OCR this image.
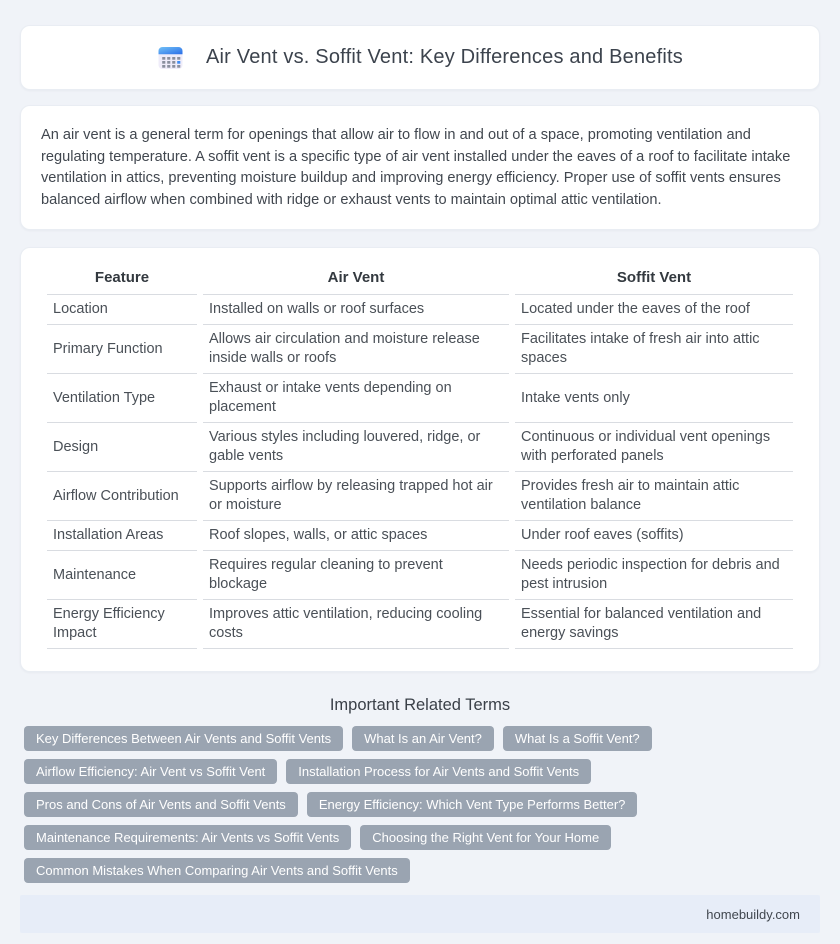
Air Vent vs. Soffit Vent: Key Differences and Benefits

An air vent is a general term for openings that allow air to flow in and out of a space, promoting ventilation and regulating temperature. A soffit vent is a specific type of air vent installed under the eaves of a roof to facilitate intake ventilation in attics, preventing moisture buildup and improving energy efficiency. Proper use of soffit vents ensures balanced airflow when combined with ridge or exhaust vents to maintain optimal attic ventilation.

Feature	Air Vent	Soffit Vent
Location	Installed on walls or roof surfaces	Located under the eaves of the roof
Primary Function	Allows air circulation and moisture release inside walls or roofs	Facilitates intake of fresh air into attic spaces
Ventilation Type	Exhaust or intake vents depending on placement	Intake vents only
Design	Various styles including louvered, ridge, or gable vents	Continuous or individual vent openings with perforated panels
Airflow Contribution	Supports airflow by releasing trapped hot air or moisture	Provides fresh air to maintain attic ventilation balance
Installation Areas	Roof slopes, walls, or attic spaces	Under roof eaves (soffits)
Maintenance	Requires regular cleaning to prevent blockage	Needs periodic inspection for debris and pest intrusion
Energy Efficiency Impact	Improves attic ventilation, reducing cooling costs	Essential for balanced ventilation and energy savings
Important Related Terms
Key Differences Between Air Vents and Soffit Vents	What Is an Air Vent?	What Is a Soffit Vent?
Airflow Efficiency: Air Vent vs Soffit Vent	Installation Process for Air Vents and Soffit Vents
Pros and Cons of Air Vents and Soffit Vents	Energy Efficiency: Which Vent Type Performs Better?
Maintenance Requirements: Air Vents vs Soffit Vents	Choosing the Right Vent for Your Home
Common Mistakes When Comparing Air Vents and Soffit Vents
homebuildy.com
